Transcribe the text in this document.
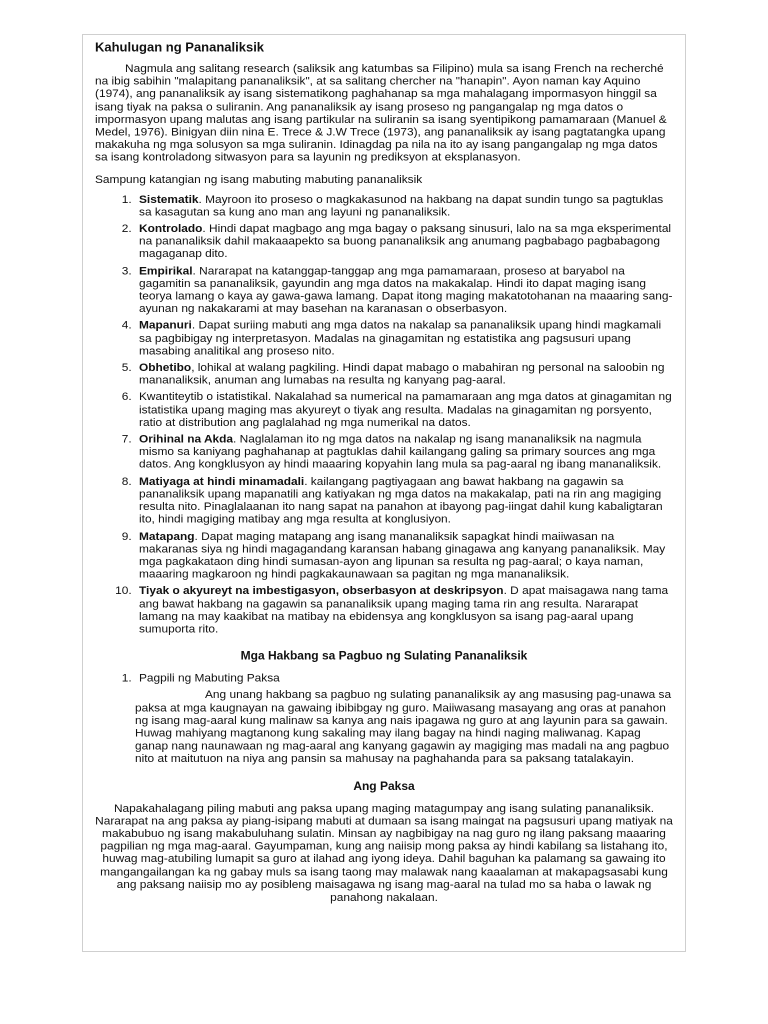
Kahulugan ng Pananaliksik

Nagmula ang salitang research (saliksik ang katumbas sa Filipino) mula sa isang French na recherché na ibig sabihin "malapitang pananaliksik", at sa salitang chercher na "hanapin". Ayon naman kay Aquino (1974), ang pananaliksik ay isang sistematikong paghahanap sa mga mahalagang impormasyon hinggil sa isang tiyak na paksa o suliranin. Ang pananaliksik ay isang proseso ng pangangalap ng mga datos o impormasyon upang malutas ang isang partikular na suliranin sa isang syentipikong pamamaraan (Manuel & Medel, 1976). Binigyan diin nina E. Trece & J.W Trece (1973), ang pananaliksik ay isang pagtatangka upang makakuha ng mga solusyon sa mga suliranin. Idinagdag pa nila na ito ay isang pangangalap ng mga datos sa isang kontroladong sitwasyon para sa layunin ng prediksyon at eksplanasyon.

Sampung katangian ng isang mabuting mabuting pananaliksik

1. Sistematik. Mayroon ito proseso o magkakasunod na hakbang na dapat sundin tungo sa pagtuklas sa kasagutan sa kung ano man ang layuni ng pananaliksik.
2. Kontrolado. Hindi dapat magbago ang mga bagay o paksang sinusuri, lalo na sa mga eksperimental na pananaliksik dahil makaaapekto sa buong pananaliksik ang anumang pagbabago pagbabagong magaganap dito.
3. Empirikal. Nararapat na katanggap-tanggap ang mga pamamaraan, proseso at baryabol na gagamitin sa pananaliksik, gayundin ang mga datos na makakalap. Hindi ito dapat maging isang teorya lamang o kaya ay gawa-gawa lamang. Dapat itong maging makatotohanan na maaaring sang-ayunan ng nakakarami at may basehan na karanasan o obserbasyon.
4. Mapanuri. Dapat suriing mabuti ang mga datos na nakalap sa pananaliksik upang hindi magkamali sa pagbibigay ng interpretasyon. Madalas na ginagamitan ng estatistika ang pagsusuri upang masabing analitikal ang proseso nito.
5. Obhetibo, lohikal at walang pagkiling. Hindi dapat mabago o mabahiran ng personal na saloobin ng mananaliksik, anuman ang lumabas na resulta ng kanyang pag-aaral.
6. Kwantiteytib o istatistikal. Nakalahad sa numerical na pamamaraan ang mga datos at ginagamitan ng istatistika upang maging mas akyureyt o tiyak ang resulta. Madalas na ginagamitan ng porsyento, ratio at distribution ang paglalahad ng mga numerikal na datos.
7. Orihinal na Akda. Naglalaman ito ng mga datos na nakalap ng isang mananaliksik na nagmula mismo sa kaniyang paghahanap at pagtuklas dahil kailangang galing sa primary sources ang mga datos. Ang kongklusyon ay hindi maaaring kopyahin lang mula sa pag-aaral ng ibang mananaliksik.
8. Matiyaga at hindi minamadali. kailangang pagtiyagaan ang bawat hakbang na gagawin sa pananaliksik upang mapanatili ang katiyakan ng mga datos na makakalap, pati na rin ang magiging resulta nito. Pinaglalaanan ito nang sapat na panahon at ibayong pag-iingat dahil kung kabaligtaran ito, hindi magiging matibay ang mga resulta at konglusiyon.
9. Matapang. Dapat maging matapang ang isang mananaliksik sapagkat hindi maiiwasan na makaranas siya ng hindi magagandang karansan habang ginagawa ang kanyang pananaliksik. May mga pagkakataon ding hindi sumasan-ayon ang lipunan sa resulta ng pag-aaral; o kaya naman, maaaring magkaroon ng hindi pagkakaunawaan sa pagitan ng mga mananaliksik.
10. Tiyak o akyureyt na imbestigasyon, obserbasyon at deskripsyon. D apat maisagawa nang tama ang bawat hakbang na gagawin sa pananaliksik upang maging tama rin ang resulta. Nararapat lamang na may kaakibat na matibay na ebidensya ang kongklusyon sa isang pag-aaral upang sumuporta rito.
Mga Hakbang sa Pagbuo ng Sulating Pananaliksik
1. Pagpili ng Mabuting Paksa

Ang unang hakbang sa pagbuo ng sulating pananaliksik ay ang masusing pag-unawa sa paksa at mga kaugnayan na gawaing ibibibgay ng guro. Maiiwasang masayang ang oras at panahon ng isang mag-aaral kung malinaw sa kanya ang nais ipagawa ng guro at ang layunin para sa gawain. Huwag mahiyang magtanong kung sakaling may ilang bagay na hindi naging maliwanag. Kapag ganap nang naunawaan ng mag-aaral ang kanyang gagawin ay magiging mas madali na ang pagbuo nito at maitutuon na niya ang pansin sa mahusay na paghahanda para sa paksang tatalakayin.

Ang Paksa

Napakahalagang piling mabuti ang paksa upang maging matagumpay ang isang sulating pananaliksik. Nararapat na ang paksa ay piang-isipang mabuti at dumaan sa isang maingat na pagsusuri upang matiyak na makabubuo ng isang makabuluhang sulatin. Minsan ay nagbibigay na nag guro ng ilang paksang maaaring pagpilian ng mga mag-aaral. Gayumpaman, kung ang naiisip mong paksa ay hindi kabilang sa listahang ito, huwag mag-atubiling lumapit sa guro at ilahad ang iyong ideya. Dahil baguhan ka palamang sa gawaing ito mangangailangan ka ng gabay muls sa isang taong may malawak nang kaaalaman at makapagsasabi kung ang paksang naiisip mo ay posibleng maisagawa ng isang mag-aaral na tulad mo sa haba o lawak ng panahong nakalaan.
